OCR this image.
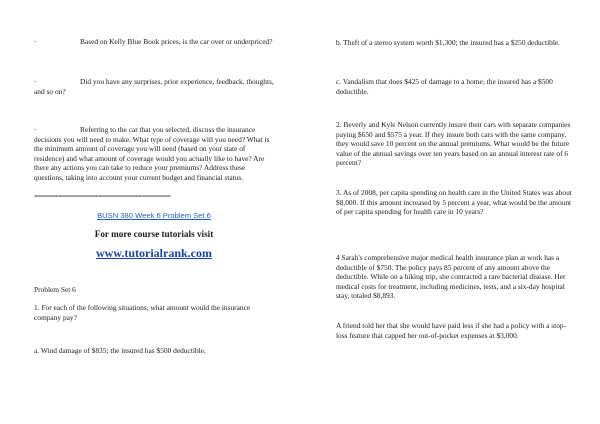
·	Based on Kelly Blue Book prices, is the car over or underpriced?

·	Did you have any surprises, prior experience, feedback, thoughts, and so on?

·	Referring to the car that you selected, discuss the insurance decisions you will need to make. What type of coverage will you need? What is the minimum amount of coverage you will need (based on your state of residence) and what amount of coverage would you actually like to have? Are there any actions you can take to reduce your premiums? Address these questions, taking into account your current budget and financial status.

==================================
BUSN 380 Week 6 Problem Set 6
For more course tutorials visit
www.tutorialrank.com

Problem Set 6

1. For each of the following situations, what amount would the insurance company pay?

a. Wind damage of $835; the insured has $500 deductible.

b. Theft of a stereo system worth $1,300; the insured has a $250 deductible.

c. Vandalism that does $425 of damage to a home; the insured has a $500 deductible.

2. Beverly and Kyle Nelson currently insure their cars with separate companies paying $650 and $575 a year. If they insure both cars with the same company, they would save 10 percent on the annual premiums. What would be the future value of the annual savings over ten years based on an annual interest rate of 6 percent?

3. As of 2008, per capita spending on health care in the United States was about $8,000. If this amount increased by 5 percent a year, what would be the amount of per capita spending for health care in 10 years?

4 Sarah's comprehensive major medical health insurance plan at work has a deductible of $750. The policy pays 85 percent of any amount above the deductible. While on a hiking trip, she contracted a rare bacterial disease. Her medical costs for treatment, including medicines, tests, and a six-day hospital stay, totaled $8,893.

A friend told her that she would have paid less if she had a policy with a stop-loss feature that capped her out-of-pocket expenses at $3,000.
